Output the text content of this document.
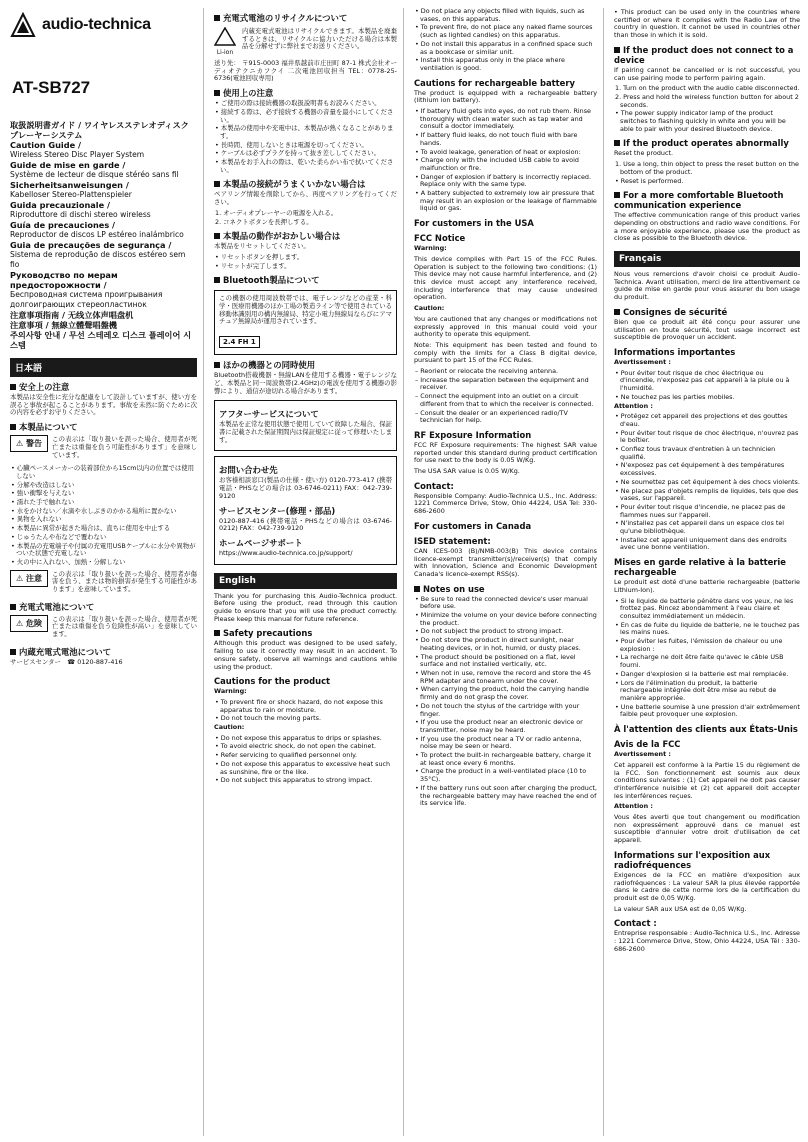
audio-technica
AT-SB727
取扱説明書ガイド / ワイヤレスステレオディスクプレーヤーシステム
Caution Guide /
Wireless Stereo Disc Player System
Guide de mise en garde /
Système de lecteur de disque stéréo sans fil
Sicherheitsanweisungen /
Kabelloser Stereo-Plattenspieler
Guida precauzionale /
Riproduttore di dischi stereo wireless
Guía de precauciones /
Reproductor de discos LP estéreo inalámbrico
Guia de precauções de segurança /
Sistema de reprodução de discos estéreo sem fio
Руководство по мерам предосторожности /
Беспроводная система проигрывания долгоиграющих стереопластинок
注意事项指南 / 无线立体声唱盘机
注意事項 / 無線立體聲唱盤機
주의사항 안내 / 무선 스테레오 디스크 플레이어 시스템
日本語
安全上の注意
本製品は安全性に充分な配慮をして設計していますが、使い方を誤ると事故が起こることがあります。事故を未然に防ぐために次の内容を必ずお守りください。
本製品について
⚠ 警告	この表示は「取り扱いを誤った場合、使用者が死亡または重傷を負う可能性があります」を意味しています。
• 心臓ペースメーカーの装着部位から15cm以内の位置では使用しない
• 分解や改造はしない
• 強い衝撃を与えない
• 濡れた手で触れない
• 水をかけない／水滴や水しぶきのかかる場所に置かない
• 異物を入れない
• 本製品に異常が起きた場合は、直ちに使用を中止する
• じゅうたんや布などで覆わない
• 本製品の充電端子や付属の充電用USBケーブルに水分や異物がついた状態で充電しない
• 火の中に入れない、加熱・分解しない
⚠ 注意	この表示は「取り扱いを誤った場合、使用者が傷害を負う、または物的損害が発生する可能性があります」を意味しています。
充電式電池について
⚠ 危険	この表示は「取り扱いを誤った場合、使用者が死亡または重傷を負う危険性が高い」を意味しています。
内蔵充電式電池について
サービスセンター　☎ 0120-887-416
充電式電池のリサイクルについて
Li-ion
内蔵充電式電池はリサイクルできます。本製品を廃棄するときは、リサイクルに協力いただける場合は本製品を分解せずに弊社までお送りください。
送り先： 〒915-0003 福井県越前市庄田町 87-1 株式会社オーディオテクニカフクイ 二次電池回収担当 TEL：0778-25-6736(電池回収専用)
使用上の注意
• ご使用の際は接続機器の取扱説明書もお読みください。
• 接続する際は、必ず接続する機器の音量を最小にしてください。
• 本製品の使用中や充電中は、本製品が熱くなることがあります。
• 長時間、使用しないときは電源を切ってください。
• ケーブルは必ずプラグを持って抜き差ししてください。
• 本製品をお手入れの際は、乾いた柔らかい布で拭いてください。
本製品の接続がうまくいかない場合は
ペアリング情報を削除してから、再度ペアリングを行ってください。
1. オーディオプレーヤーの電源を入れる。
2. コネクトボタンを長押しする。
本製品の動作がおかしい場合は
本製品をリセットしてください。
• リセットボタンを押します。
• リセットが完了します。
Bluetooth製品について
この機器の使用周波数帯では、電子レンジなどの産業・科学・医療用機器のほか工場の製造ライン等で使用されている移動体識別用の構内無線局、特定小電力無線局ならびにアマチュア無線局が運用されています。
2.4 FH 1
ほかの機器との同時使用
Bluetooth搭載機器・無線LANを使用する機器・電子レンジなど、本製品と同一周波数帯(2.4GHz)の電波を使用する機器の影響により、通信が途切れる場合があります。
アフターサービスについて
本製品を正常な使用状態で使用していて故障した場合、保証書に記載された保証期間内は保証規定に従って修理いたします。
お問い合わせ先
お客様相談窓口(製品の仕様・使い方) 0120-773-417 (携帯電話・PHSなどの場合は 03-6746-0211) FAX：042-739-9120
サービスセンター(修理・部品)
0120-887-416 (携帯電話・PHSなどの場合は 03-6746-0212) FAX：042-739-9120
ホームページサポート
https://www.audio-technica.co.jp/support/
English
Thank you for purchasing this Audio-Technica product. Before using the product, read through this caution guide to ensure that you will use the product correctly. Please keep this manual for future reference.
Safety precautions
Although this product was designed to be used safely, failing to use it correctly may result in an accident. To ensure safety, observe all warnings and cautions while using the product.
Cautions for the product
Warning:
• To prevent fire or shock hazard, do not expose this apparatus to rain or moisture.
• Do not touch the moving parts.
Caution:
• Do not expose this apparatus to drips or splashes.
• To avoid electric shock, do not open the cabinet.
• Refer servicing to qualified personnel only.
• Do not expose this apparatus to excessive heat such as sunshine, fire or the like.
• Do not subject this apparatus to strong impact.
• Do not place any objects filled with liquids, such as vases, on this apparatus.
• To prevent fire, do not place any naked flame sources (such as lighted candles) on this apparatus.
• Do not install this apparatus in a confined space such as a bookcase or similar unit.
• Install this apparatus only in the place where ventilation is good.
Cautions for rechargeable battery
The product is equipped with a rechargeable battery (lithium ion battery).
• If battery fluid gets into eyes, do not rub them. Rinse thoroughly with clean water such as tap water and consult a doctor immediately.
• If battery fluid leaks, do not touch fluid with bare hands.
• To avoid leakage, generation of heat or explosion:
• Charge only with the included USB cable to avoid malfunction or fire.
• Danger of explosion if battery is incorrectly replaced. Replace only with the same type.
• A battery subjected to extremely low air pressure that may result in an explosion or the leakage of flammable liquid or gas.
For customers in the USA
FCC Notice
Warning:
This device complies with Part 15 of the FCC Rules. Operation is subject to the following two conditions: (1) This device may not cause harmful interference, and (2) this device must accept any interference received, including interference that may cause undesired operation.
Caution:
You are cautioned that any changes or modifications not expressly approved in this manual could void your authority to operate this equipment.
Note: This equipment has been tested and found to comply with the limits for a Class B digital device, pursuant to part 15 of the FCC Rules.
– Reorient or relocate the receiving antenna.
– Increase the separation between the equipment and receiver.
– Connect the equipment into an outlet on a circuit different from that to which the receiver is connected.
– Consult the dealer or an experienced radio/TV technician for help.
RF Exposure Information
FCC RF Exposure requirements: The highest SAR value reported under this standard during product certification for use next to the body is 0.05 W/Kg.
The USA SAR value is 0.05 W/Kg.
Contact:
Responsible Company: Audio-Technica U.S., Inc. Address: 1221 Commerce Drive, Stow, Ohio 44224, USA Tel: 330-686-2600
For customers in Canada
ISED statement:
CAN ICES-003 (B)/NMB-003(B) This device contains licence-exempt transmitter(s)/receiver(s) that comply with Innovation, Science and Economic Development Canada's licence-exempt RSS(s).
Notes on use
• Be sure to read the connected device's user manual before use.
• Minimize the volume on your device before connecting the product.
• Do not subject the product to strong impact.
• Do not store the product in direct sunlight, near heating devices, or in hot, humid, or dusty places.
• The product should be positioned on a flat, level surface and not installed vertically, etc.
• When not in use, remove the record and store the 45 RPM adapter and tonearm under the cover.
• When carrying the product, hold the carrying handle firmly and do not grasp the cover.
• Do not touch the stylus of the cartridge with your finger.
• If you use the product near an electronic device or transmitter, noise may be heard.
• If you use the product near a TV or radio antenna, noise may be seen or heard.
• To protect the built-in rechargeable battery, charge it at least once every 6 months.
• Charge the product in a well-ventilated place (10 to 35°C).
• If the battery runs out soon after charging the product, the rechargeable battery may have reached the end of its service life.
• This product can be used only in the countries where certified or where it complies with the Radio Law of the country in question. It cannot be used in countries other than those in which it is sold.
If the product does not connect to a device
If pairing cannot be cancelled or is not successful, you can use pairing mode to perform pairing again.
1. Turn on the product with the audio cable disconnected.
2. Press and hold the wireless function button for about 2 seconds.
• The power supply indicator lamp of the product switches to flashing quickly in white and you will be able to pair with your desired Bluetooth device.
If the product operates abnormally
Reset the product.
1. Use a long, thin object to press the reset button on the bottom of the product.
• Reset is performed.
For a more comfortable Bluetooth communication experience
The effective communication range of this product varies depending on obstructions and radio wave conditions. For a more enjoyable experience, please use the product as close as possible to the Bluetooth device.
Français
Nous vous remercions d'avoir choisi ce produit Audio-Technica. Avant utilisation, merci de lire attentivement ce guide de mise en garde pour vous assurer du bon usage du produit.
Consignes de sécurité
Bien que ce produit ait été conçu pour assurer une utilisation en toute sécurité, tout usage incorrect est susceptible de provoquer un accident.
Informations importantes
Avertissement :
• Pour éviter tout risque de choc électrique ou d'incendie, n'exposez pas cet appareil à la pluie ou à l'humidité.
• Ne touchez pas les parties mobiles.
Attention :
• Protégez cet appareil des projections et des gouttes d'eau.
• Pour éviter tout risque de choc électrique, n'ouvrez pas le boîtier.
• Confiez tous travaux d'entretien à un technicien qualifié.
• N'exposez pas cet équipement à des températures excessives.
• Ne soumettez pas cet équipement à des chocs violents.
• Ne placez pas d'objets remplis de liquides, tels que des vases, sur l'appareil.
• Pour éviter tout risque d'incendie, ne placez pas de flammes nues sur l'appareil.
• N'installez pas cet appareil dans un espace clos tel qu'une bibliothèque.
• Installez cet appareil uniquement dans des endroits avec une bonne ventilation.
Mises en garde relative à la batterie rechargeable
Le produit est doté d'une batterie rechargeable (batterie Lithium-Ion).
• Si le liquide de batterie pénètre dans vos yeux, ne les frottez pas. Rincez abondamment à l'eau claire et consultez immédiatement un médecin.
• En cas de fuite du liquide de batterie, ne le touchez pas les mains nues.
• Pour éviter les fuites, l'émission de chaleur ou une explosion :
• La recharge ne doit être faite qu'avec le câble USB fourni.
• Danger d'explosion si la batterie est mal remplacée.
• Lors de l'élimination du produit, la batterie rechargeable intégrée doit être mise au rebut de manière appropriée.
• Une batterie soumise à une pression d'air extrêmement faible peut provoquer une explosion.
À l'attention des clients aux États-Unis
Avis de la FCC
Avertissement :
Cet appareil est conforme à la Partie 15 du règlement de la FCC. Son fonctionnement est soumis aux deux conditions suivantes : (1) Cet appareil ne doit pas causer d'interférence nuisible et (2) cet appareil doit accepter les interférences reçues.
Attention :
Vous êtes averti que tout changement ou modification non expressément approuvé dans ce manuel est susceptible d'annuler votre droit d'utilisation de cet appareil.
Informations sur l'exposition aux radiofréquences
Exigences de la FCC en matière d'exposition aux radiofréquences : La valeur SAR la plus élevée rapportée dans le cadre de cette norme lors de la certification du produit est de 0,05 W/Kg.
La valeur SAR aux USA est de 0,05 W/Kg.
Contact :
Entreprise responsable : Audio-Technica U.S., Inc. Adresse : 1221 Commerce Drive, Stow, Ohio 44224, USA Tél : 330-686-2600
